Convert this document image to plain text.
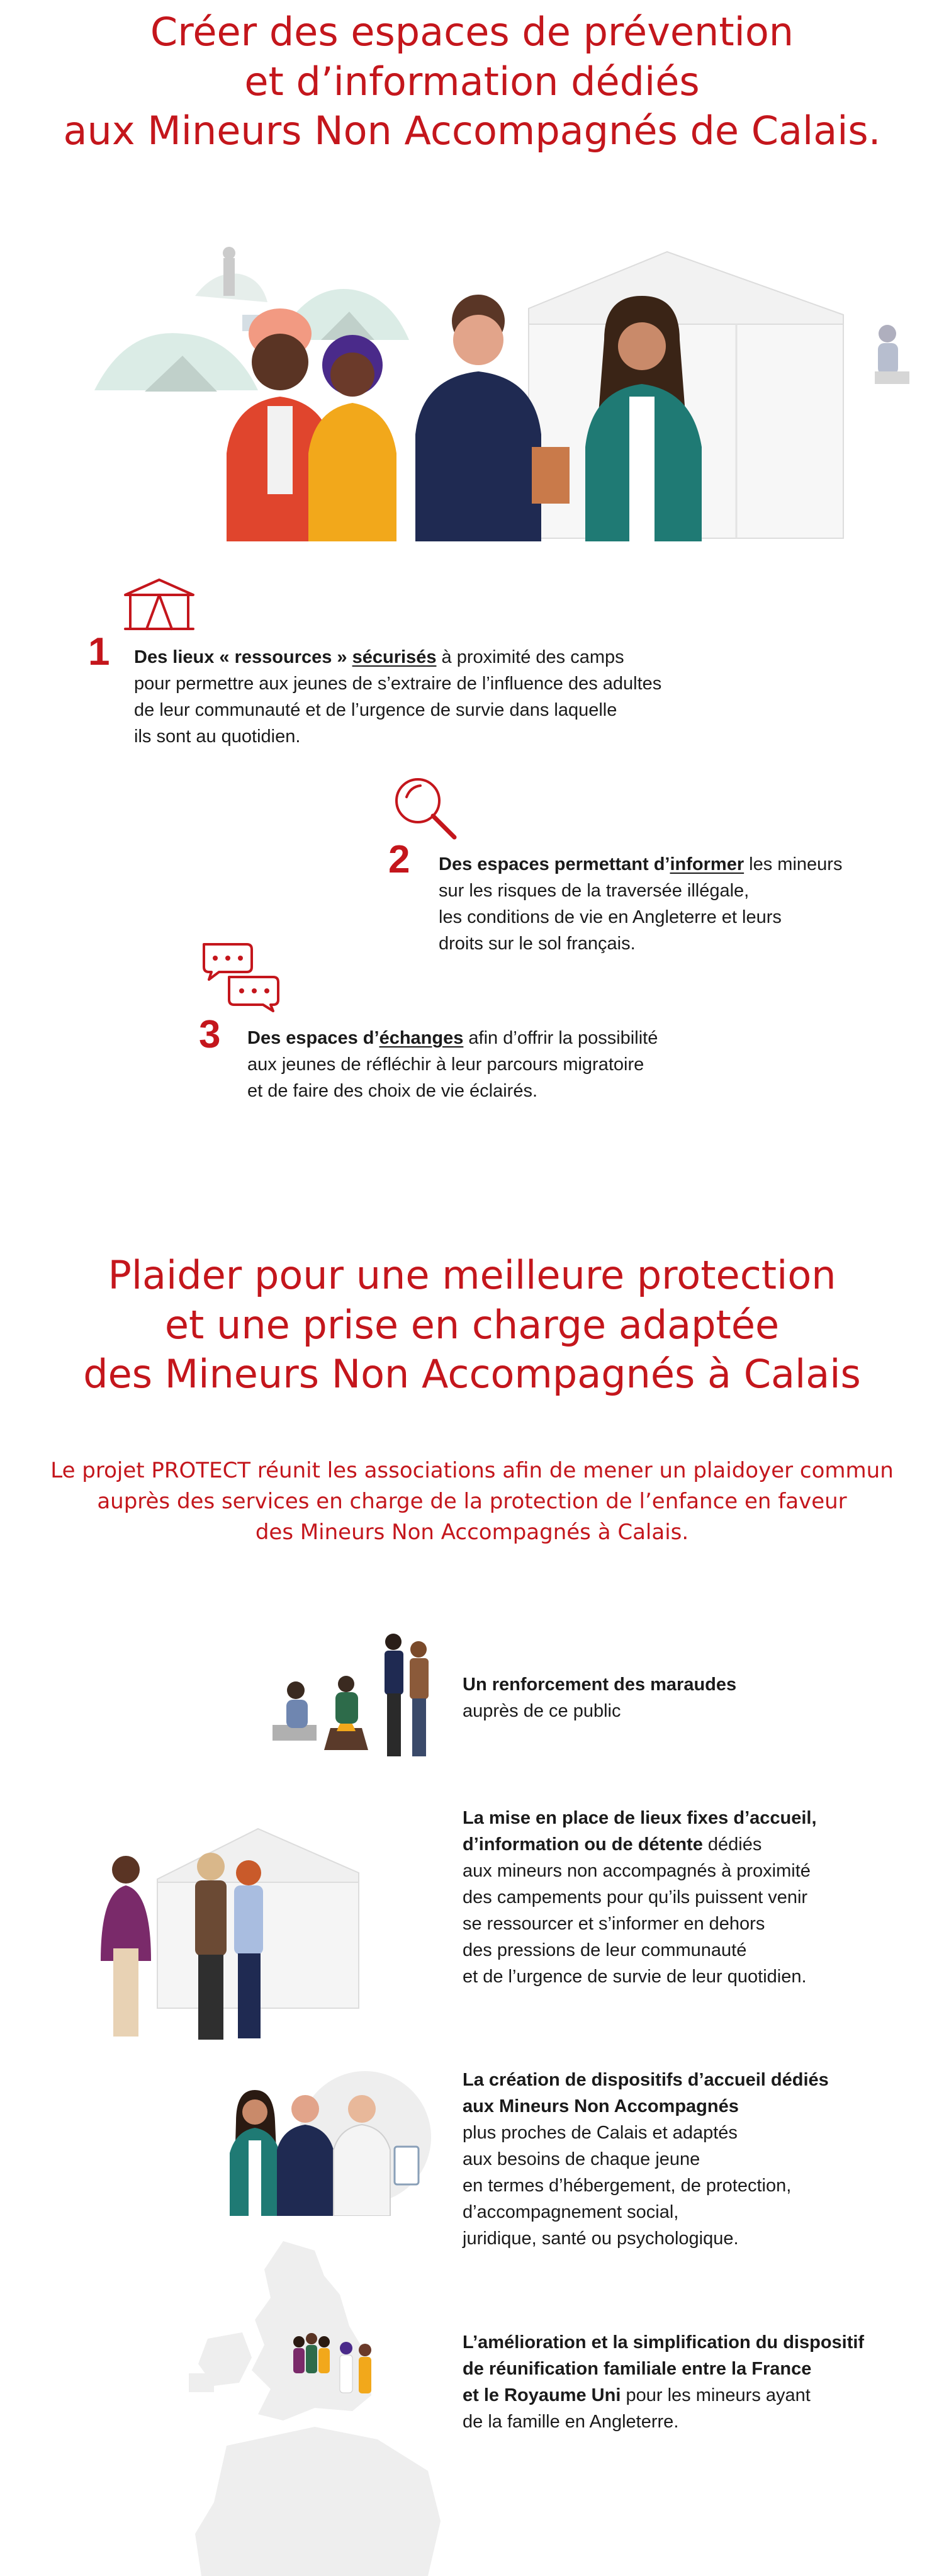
Créer des espaces de prévention
et d’information dédiés
aux Mineurs Non Accompagnés de Calais.
1 Des lieux « ressources » sécurisés à proximité des camps
pour permettre aux jeunes de s’extraire de l’influence des adultes
de leur communauté et de l’urgence de survie dans laquelle
ils sont au quotidien.
2 Des espaces permettant d’informer les mineurs
sur les risques de la traversée illégale,
les conditions de vie en Angleterre et leurs
droits sur le sol français.
3 Des espaces d’échanges afin d’offrir la possibilité
aux jeunes de réfléchir à leur parcours migratoire
et de faire des choix de vie éclairés.
Plaider pour une meilleure protection
et une prise en charge adaptée
des Mineurs Non Accompagnés à Calais
Le projet PROTECT réunit les associations afin de mener un plaidoyer commun
auprès des services en charge de la protection de l’enfance en faveur
des Mineurs Non Accompagnés à Calais.
Un renforcement des maraudes
auprès de ce public
La mise en place de lieux fixes d’accueil,
d’information ou de détente dédiés
aux mineurs non accompagnés à proximité
des campements pour qu’ils puissent venir
se ressourcer et s’informer en dehors
des pressions de leur communauté
et de l’urgence de survie de leur quotidien.
La création de dispositifs d’accueil dédiés
aux Mineurs Non Accompagnés
plus proches de Calais et adaptés
aux besoins de chaque jeune
en termes d’hébergement, de protection,
d’accompagnement social,
juridique, santé ou psychologique.
L’amélioration et la simplification du dispositif
de réunification familiale entre la France
et le Royaume Uni pour les mineurs ayant
de la famille en Angleterre.
